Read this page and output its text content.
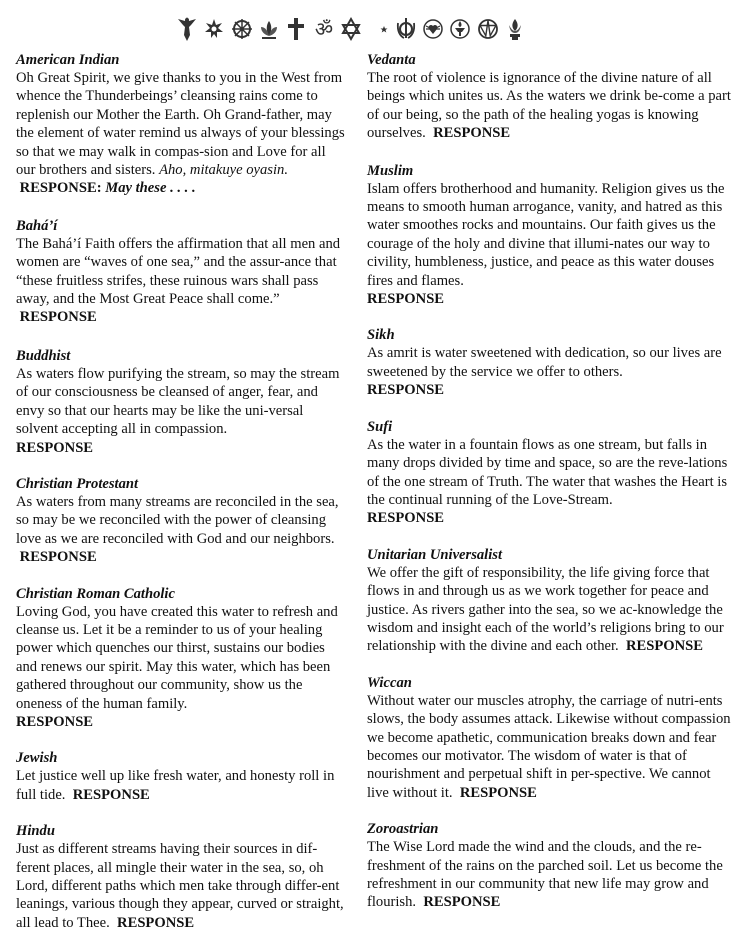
ॐ
American Indian

Oh Great Spirit, we give thanks to you in the West from whence the Thunderbeings’ cleansing rains come to replenish our Mother the Earth. Oh Grand-father, may the element of water remind us always of your blessings so that we may walk in compas-sion and Love for all our brothers and sisters. Aho, mitakuye oyasin.  RESPONSE: May these . . . .

Bahá’í

The Bahá’í Faith offers the affirmation that all men and women are “waves of one sea,” and the assur-ance that “these fruitless strifes, these ruinous wars shall pass away, and the Most Great Peace shall come.”  RESPONSE

Buddhist

As waters flow purifying the stream, so may the stream of our consciousness be cleansed of anger, fear, and envy so that our hearts may be like the uni-versal solvent accepting all in compassion.
RESPONSE

Christian Protestant

As waters from many streams are reconciled in the sea, so may be we reconciled with the power of cleansing love as we are reconciled with God and our neighbors.  RESPONSE

Christian Roman Catholic

Loving God, you have created this water to refresh and cleanse us. Let it be a reminder to us of your healing power which quenches our thirst, sustains our bodies and renews our spirit. May this water, which has been gathered throughout our community, show us the oneness of the human family.
RESPONSE

Jewish

Let justice well up like fresh water, and honesty roll in full tide. RESPONSE

Hindu

Just as different streams having their sources in dif-ferent places, all mingle their water in the sea, so, oh Lord, different paths which men take through differ-ent leanings, various though they appear, curved or straight, all lead to Thee. RESPONSE

Vedanta

The root of violence is ignorance of the divine nature of all beings which unites us. As the waters we drink be-come a part of our being, so the path of the healing yogas is knowing ourselves. RESPONSE

Muslim

Islam offers brotherhood and humanity. Religion gives us the means to smooth human arrogance, vanity, and hatred as this water smoothes rocks and mountains. Our faith gives us the courage of the holy and divine that illumi-nates our way to civility, humbleness, justice, and peace as this water douses fires and flames.
RESPONSE

Sikh

As amrit is water sweetened with dedication, so our lives are sweetened by the service we offer to others.
RESPONSE

Sufi

As the water in a fountain flows as one stream, but falls in many drops divided by time and space, so are the reve-lations of the one stream of Truth. The water that washes the Heart is the continual running of the Love-Stream.
RESPONSE

Unitarian Universalist

We offer the gift of responsibility, the life giving force that flows in and through us as we work together for peace and justice. As rivers gather into the sea, so we ac-knowledge the wisdom and insight each of the world’s religions bring to our relationship with the divine and each other. RESPONSE

Wiccan

Without water our muscles atrophy, the carriage of nutri-ents slows, the body assumes attack. Likewise without compassion we become apathetic, communication breaks down and fear becomes our motivator. The wisdom of water is that of nourishment and perpetual shift in per-spective. We cannot live without it. RESPONSE

Zoroastrian

The Wise Lord made the wind and the clouds, and the re-freshment of the rains on the parched soil. Let us become the refreshment in our community that new life may grow and flourish. RESPONSE
